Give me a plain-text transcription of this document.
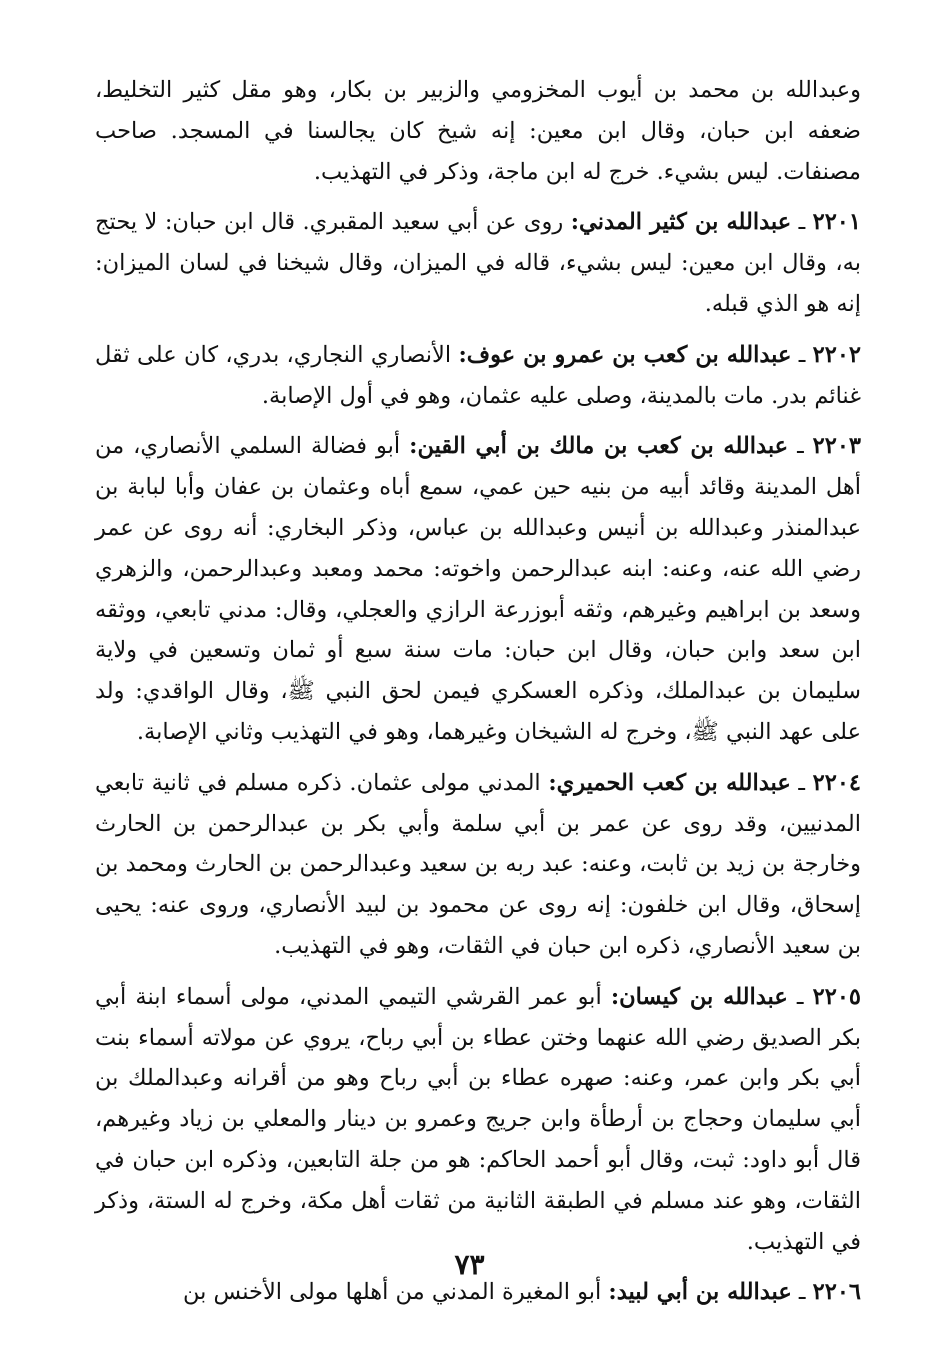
وعبدالله بن محمد بن أيوب المخزومي والزبير بن بكار، وهو مقل كثير التخليط، ضعفه ابن حبان، وقال ابن معين: إنه شيخ كان يجالسنا في المسجد. صاحب مصنفات. ليس بشيء. خرج له ابن ماجة، وذكر في التهذيب.

٢٢٠١ ـ عبدالله بن كثير المدني: روى عن أبي سعيد المقبري. قال ابن حبان: لا يحتج به، وقال ابن معين: ليس بشيء، قاله في الميزان، وقال شيخنا في لسان الميزان: إنه هو الذي قبله.

٢٢٠٢ ـ عبدالله بن كعب بن عمرو بن عوف: الأنصاري النجاري، بدري، كان على ثقل غنائم بدر. مات بالمدينة، وصلى عليه عثمان، وهو في أول الإصابة.

٢٢٠٣ ـ عبدالله بن كعب بن مالك بن أبي القين: أبو فضالة السلمي الأنصاري، من أهل المدينة وقائد أبيه من بنيه حين عمي، سمع أباه وعثمان بن عفان وأبا لبابة بن عبدالمنذر وعبدالله بن أنيس وعبدالله بن عباس، وذكر البخاري: أنه روى عن عمر رضي الله عنه، وعنه: ابنه عبدالرحمن واخوته: محمد ومعبد وعبدالرحمن، والزهري وسعد بن ابراهيم وغيرهم، وثقه أبوزرعة الرازي والعجلي، وقال: مدني تابعي، ووثقه ابن سعد وابن حبان، وقال ابن حبان: مات سنة سبع أو ثمان وتسعين في ولاية سليمان بن عبدالملك، وذكره العسكري فيمن لحق النبي ﷺ، وقال الواقدي: ولد على عهد النبي ﷺ، وخرج له الشيخان وغيرهما، وهو في التهذيب وثاني الإصابة.

٢٢٠٤ ـ عبدالله بن كعب الحميري: المدني مولى عثمان. ذكره مسلم في ثانية تابعي المدنيين، وقد روى عن عمر بن أبي سلمة وأبي بكر بن عبدالرحمن بن الحارث وخارجة بن زيد بن ثابت، وعنه: عبد ربه بن سعيد وعبدالرحمن بن الحارث ومحمد بن إسحاق، وقال ابن خلفون: إنه روى عن محمود بن لبيد الأنصاري، وروى عنه: يحيى بن سعيد الأنصاري، ذكره ابن حبان في الثقات، وهو في التهذيب.

٢٢٠٥ ـ عبدالله بن كيسان: أبو عمر القرشي التيمي المدني، مولى أسماء ابنة أبي بكر الصديق رضي الله عنهما وختن عطاء بن أبي رباح، يروي عن مولاته أسماء بنت أبي بكر وابن عمر، وعنه: صهره عطاء بن أبي رباح وهو من أقرانه وعبدالملك بن أبي سليمان وحجاج بن أرطأة وابن جريج وعمرو بن دينار والمعلي بن زياد وغيرهم، قال أبو داود: ثبت، وقال أبو أحمد الحاكم: هو من جلة التابعين، وذكره ابن حبان في الثقات، وهو عند مسلم في الطبقة الثانية من ثقات أهل مكة، وخرج له الستة، وذكر في التهذيب.

٢٢٠٦ ـ عبدالله بن أبي لبيد: أبو المغيرة المدني من أهلها مولى الأخنس بن

٧٣
